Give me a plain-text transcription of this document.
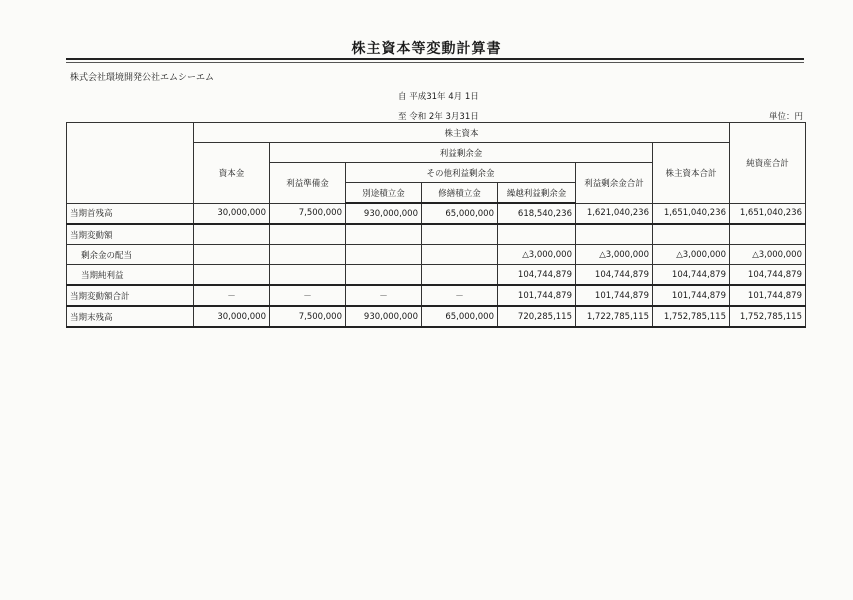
株主資本等変動計算書
株式会社環境開発公社エムシーエム
自 平成31年 4月 1日
至 令和 2年 3月31日	単位：円
	株主資本							純資産合計
	資本金	利益剰余金					株主資本合計	
		利益準備金	その他利益剰余金			利益剰余金合計		
			別途積立金	修繕積立金	繰越利益剰余金			
当期首残高	30,000,000	7,500,000	930,000,000	65,000,000	618,540,236	1,621,040,236	1,651,040,236	1,651,040,236
当期変動額								
剰余金の配当					△3,000,000	△3,000,000	△3,000,000	△3,000,000
当期純利益					104,744,879	104,744,879	104,744,879	104,744,879
当期変動額合計	－	－	－	－	101,744,879	101,744,879	101,744,879	101,744,879
当期末残高	30,000,000	7,500,000	930,000,000	65,000,000	720,285,115	1,722,785,115	1,752,785,115	1,752,785,115
